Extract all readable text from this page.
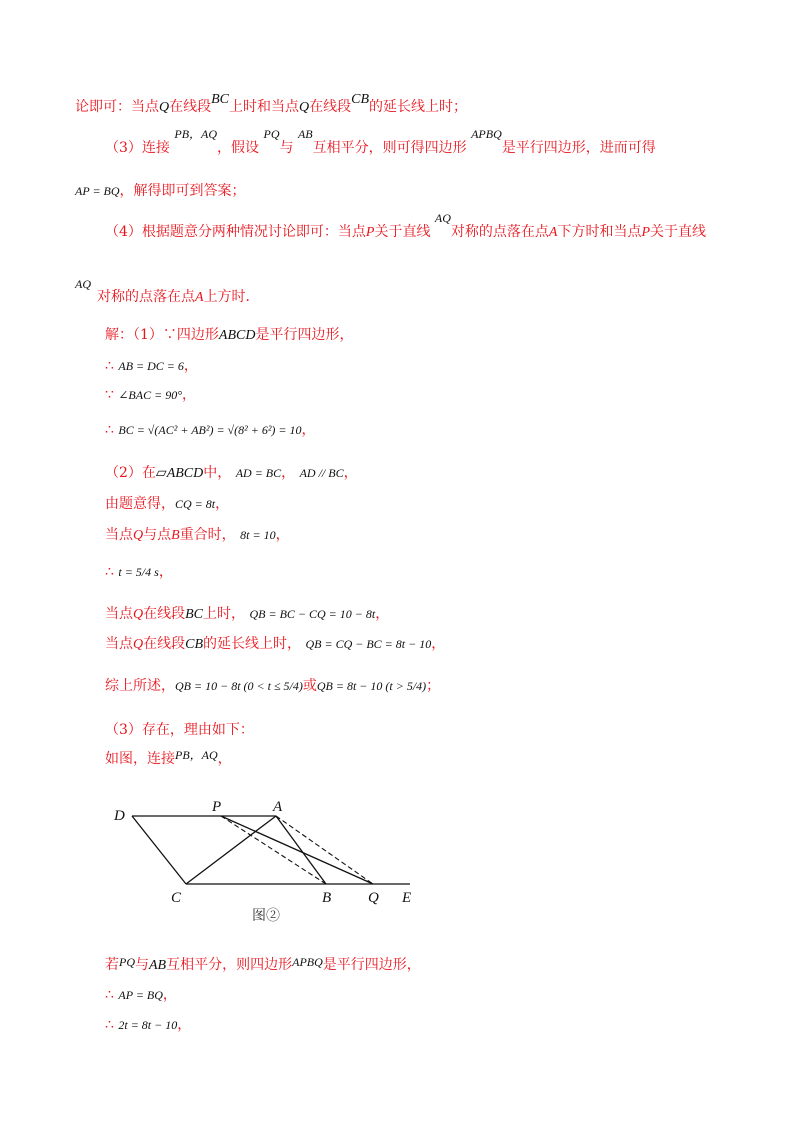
论即可：当点Q在线段BC上时和当点Q在线段CB的延长线上时；
（3）连接 PB，AQ，假设 PQ与 AB互相平分，则可得四边形 APBQ是平行四边形，进而可得
AP = BQ，解得即可到答案；
（4）根据题意分两种情况讨论即可：当点P关于直线 AQ对称的点落在点A下方时和当点P关于直线
AQ
对称的点落在点A上方时．
解：（1）∵四边形ABCD是平行四边形，
∴ AB = DC = 6，
∵ ∠BAC = 90°，
∴ BC = √(AC² + AB²) = √(8² + 6²) = 10，
（2）在▱ABCD中， AD = BC， AD // BC，
由题意得，CQ = 8t，
当点Q与点B重合时， 8t = 10，
∴ t = 5/4 s，
当点Q在线段BC上时， QB = BC − CQ = 10 − 8t，
当点Q在线段CB的延长线上时， QB = CQ − BC = 8t − 10，
综上所述，QB = 10 − 8t (0 < t ≤ 5/4)或QB = 8t − 10 (t > 5/4)；
（3）存在，理由如下：
如图，连接PB，AQ，
D
P	A
C	B Q E
图②
若PQ与AB互相平分，则四边形APBQ是平行四边形，
∴ AP = BQ，
∴ 2t = 8t − 10，
